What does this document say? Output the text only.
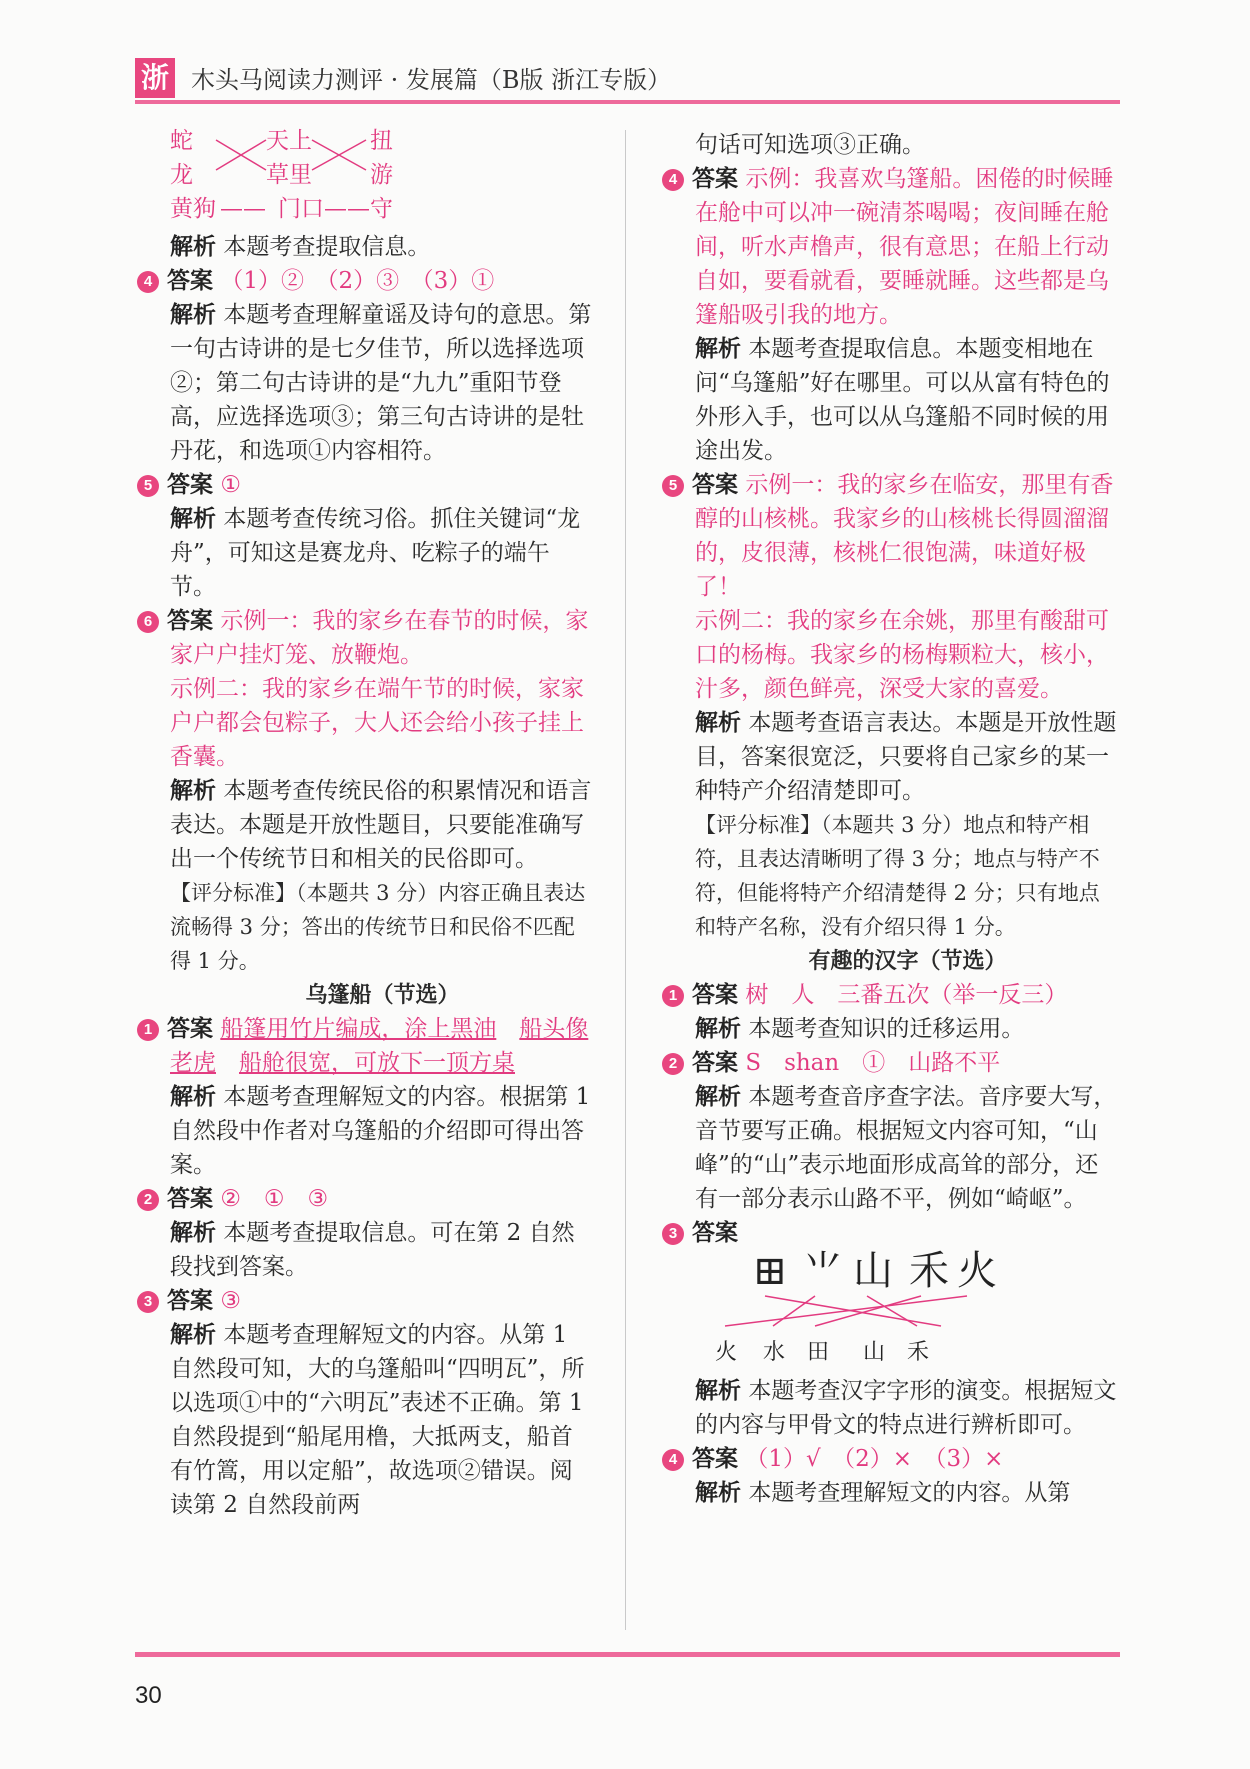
浙 木头马阅读力测评 · 发展篇（B版 浙江专版）
蛇
龙
黄狗
天上
草里
—— 门口 ——
扭
游
守

解析 本题考查提取信息。

4 答案 （1）②　（2）③　（3）①

解析 本题考查理解童谣及诗句的意思。第一句古诗讲的是七夕佳节，所以选择选项②；第二句古诗讲的是“九九”重阳节登高，应选择选项③；第三句古诗讲的是牡丹花，和选项①内容相符。

5 答案 ①

解析 本题考查传统习俗。抓住关键词“龙舟”，可知这是赛龙舟、吃粽子的端午节。

6 答案 示例一：我的家乡在春节的时候，家家户户挂灯笼、放鞭炮。

示例二：我的家乡在端午节的时候，家家户户都会包粽子，大人还会给小孩子挂上香囊。

解析 本题考查传统民俗的积累情况和语言表达。本题是开放性题目，只要能准确写出一个传统节日和相关的民俗即可。

【评分标准】（本题共 3 分）内容正确且表达流畅得 3 分；答出的传统节日和民俗不匹配得 1 分。

乌篷船（节选）

1 答案 船篷用竹片编成，涂上黑油　 船头像老虎　 船舱很宽，可放下一顶方桌

解析 本题考查理解短文的内容。根据第 1 自然段中作者对乌篷船的介绍即可得出答案。

2 答案 ②　①　③

解析 本题考查提取信息。可在第 2 自然段找到答案。

3 答案 ③

解析 本题考查理解短文的内容。从第 1 自然段可知，大的乌篷船叫“四明瓦”，所以选项①中的“六明瓦”表述不正确。第 1 自然段提到“船尾用橹，大抵两支，船首有竹篙，用以定船”，故选项②错误。阅读第 2 自然段前两

句话可知选项③正确。

4 答案 示例：我喜欢乌篷船。困倦的时候睡在舱中可以冲一碗清茶喝喝；夜间睡在舱间，听水声橹声，很有意思；在船上行动自如，要看就看，要睡就睡。这些都是乌篷船吸引我的地方。

解析 本题考查提取信息。本题变相地在问“乌篷船”好在哪里。可以从富有特色的外形入手，也可以从乌篷船不同时候的用途出发。

5 答案 示例一：我的家乡在临安，那里有香醇的山核桃。我家乡的山核桃长得圆溜溜的，皮很薄，核桃仁很饱满，味道好极了！

示例二：我的家乡在余姚，那里有酸甜可口的杨梅。我家乡的杨梅颗粒大，核小，汁多，颜色鲜亮，深受大家的喜爱。

解析 本题考查语言表达。本题是开放性题目，答案很宽泛，只要将自己家乡的某一种特产介绍清楚即可。

【评分标准】（本题共 3 分）地点和特产相符，且表达清晰明了得 3 分；地点与特产不符，但能将特产介绍清楚得 2 分；只有地点和特产名称，没有介绍只得 1 分。

有趣的汉字（节选）

1 答案 树　人　三番五次（举一反三）

解析 本题考查知识的迁移运用。

2 答案 S　shan　①　山路不平

解析 本题考查音序查字法。音序要大写，音节要写正确。根据短文内容可知，“山峰”的“山”表示地面形成高耸的部分，还有一部分表示山路不平，例如“崎岖”。

3 答案

⊞ ⺌ 山 禾 火
火 水 田 山 禾

解析 本题考查汉字字形的演变。根据短文的内容与甲骨文的特点进行辨析即可。

4 答案 （1）√　（2）×　（3）×

解析 本题考查理解短文的内容。从第

30
